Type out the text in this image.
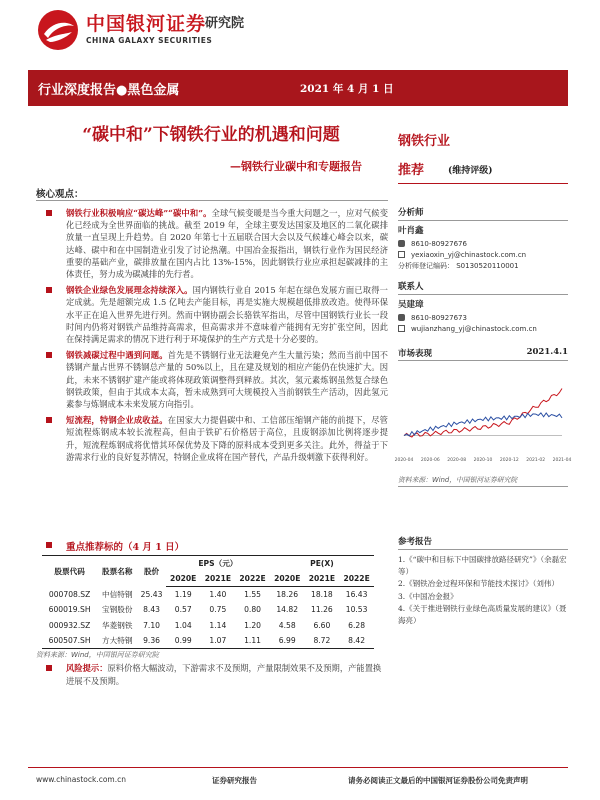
中国银河证券
CHINA GALAXY SECURITIES
研究院
行业深度报告●黑色金属	2021 年 4 月 1 日
“碳中和”下钢铁行业的机遇和问题
—钢铁行业碳中和专题报告
钢铁行业
推荐	(维持评级)
核心观点：
钢铁行业积极响应“碳达峰”“碳中和”。全球气候变暖是当今重大问题之一，应对气候变化已经成为全世界面临的挑战。截至 2019 年，全球主要发达国家及地区的二氧化碳排放量一直呈现上升趋势。自 2020 年第七十五届联合国大会以及气候雄心峰会以来，碳达峰、碳中和在中国制造业引发了讨论热潮。中国冶金报指出，钢铁行业作为国民经济重要的基础产业，碳排放量在国内占比 13%-15%，因此钢铁行业应承担起碳减排的主体责任，努力成为碳减排的先行者。
钢铁企业绿色发展理念持续深入。国内钢铁行业自 2015 年起在绿色发展方面已取得一定成就。先是超额完成 1.5 亿吨去产能目标，再是实施大规模超低排放改造。使得环保水平正在追入世界先进行列。然而中钢协副会长骆铁军指出，尽管中国钢铁行业长一段时间内仍将对钢铁产品维持高需求，但高需求并不意味着产能拥有无穷扩张空间，因此在保持满足需求的情况下进行利于环境保护的生产方式是十分必要的。
钢铁减碳过程中遇到问题。首先是不锈钢行业无法避免产生大量污染；然而当前中国不锈钢产量占世界不锈钢总产量的 50%以上，且在建及规划的相应产能仍在快速扩大。因此，未来不锈钢扩建产能或将体现政策调整得到释放。其次，氢元素炼钢虽然复合绿色钢铁政策，但由于其成本太高，暂未成熟到可大规模投入当前钢铁生产活动，因此氢元素参与炼钢成本未来发展方向指引。
短流程，特钢企业成收益。在国家大力提倡碳中和、工信部压缩钢产能的前提下，尽管短流程炼钢成本较长流程高，但由于铁矿石价格居于高位，且废钢添加比例将逐步提升，短流程炼钢成将优惜其环保优势及下降的原料成本受到更多关注。此外，得益于下游需求行业的良好复苏情况，特钢企业成将在国产替代，产品升级刺激下获得利好。
重点推荐标的（4 月 1 日）
股票代码	股票名称	股价	EPS（元）			PE(X)		
			2020E	2021E	2022E	2020E	2021E	2022E
000708.SZ	中信特钢	25.43	1.19	1.40	1.55	18.26	18.18	16.43
600019.SH	宝钢股份	8.43	0.57	0.75	0.80	14.82	11.26	10.53
000932.SZ	华菱钢铁	7.10	1.04	1.14	1.20	4.58	6.60	6.28
600507.SH	方大特钢	9.36	0.99	1.07	1.11	6.99	8.72	8.42
资料来源：Wind，中国银河证券研究院
风险提示：原料价格大幅波动，下游需求不及预期，产量限制效果不及预期，产能置换进展不及预期。
分析师
叶肖鑫
8610-80927676
yexiaoxin_yj@chinastock.com.cn
分析师登记编码： S0130520110001
联系人
吴建璋
8610-80927673
wujianzhang_yj@chinastock.com.cn
市场表现	2021.4.1
2020-04 2020-06 2020-08 2020-10 2020-12 2021-02 2021-04
资料来源：Wind，中国银河证券研究院
参考报告
1.《“碳中和目标下中国碳排放路径研究”》（余磊宏等）
2.《钢铁冶金过程环保和节能技术探讨》（刘伟）
3.《中国冶金报》
4.《关于推进钢铁行业绿色高质量发展的建议》（聂海亮）
www.chinastock.com.cn	证券研究报告	请务必阅读正文最后的中国银河证券股份公司免责声明
